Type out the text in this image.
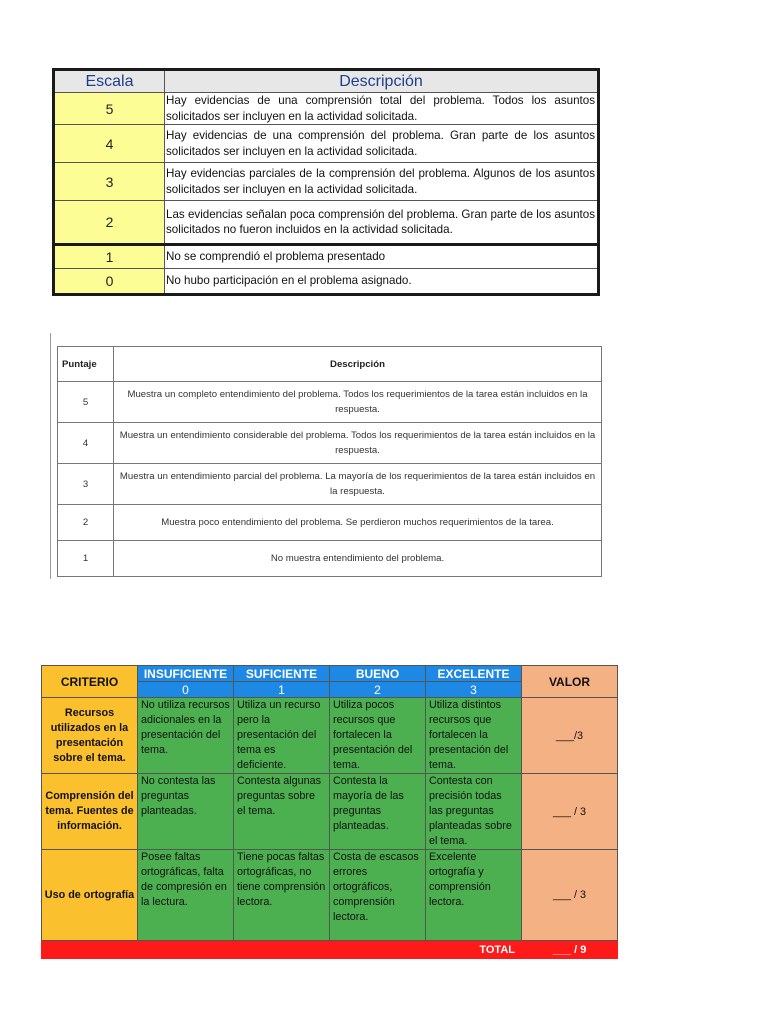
Escala	Descripción
5	Hay evidencias de una comprensión total del problema. Todos los asuntos solicitados ser incluyen en la actividad solicitada.
4	Hay evidencias de una comprensión del problema. Gran parte de los asuntos solicitados ser incluyen en la actividad solicitada.
3	Hay evidencias parciales de la comprensión del problema. Algunos de los asuntos solicitados ser incluyen en la actividad solicitada.
2	Las evidencias señalan poca comprensión del problema. Gran parte de los asuntos solicitados no fueron incluidos en la actividad solicitada.
1	No se comprendió el problema presentado
0	No hubo participación en el problema asignado.
Puntaje	Descripción
5	Muestra un completo entendimiento del problema. Todos los requerimientos de la tarea están incluidos en la respuesta.
4	Muestra un entendimiento considerable del problema. Todos los requerimientos de la tarea están incluidos en la respuesta.
3	Muestra un entendimiento parcial del problema. La mayoría de los requerimientos de la tarea están incluidos en la respuesta.
2	Muestra poco entendimiento del problema. Se perdieron muchos requerimientos de la tarea.
1	No muestra entendimiento del problema.
CRITERIO	INSUFICIENTE	SUFICIENTE	BUENO	EXCELENTE	VALOR
	0	1	2	3	
Recursos utilizados en la presentación sobre el tema.	No utiliza recursos adicionales en la presentación del tema.	Utiliza un recurso pero la presentación del tema es deficiente.	Utiliza pocos recursos que fortalecen la presentación del tema.	Utiliza distintos recursos que fortalecen la presentación del tema.	___/3
Comprensión del tema. Fuentes de información.	No contesta las preguntas planteadas.	Contesta algunas preguntas sobre el tema.	Contesta la mayoría de las preguntas planteadas.	Contesta con precisión todas las preguntas planteadas sobre el tema.	___ / 3
Uso de ortografía	Posee faltas ortográficas, falta de compresión en la lectura.	Tiene pocas faltas ortográficas, no tiene comprensión lectora.	Costa de escasos errores ortográficos, comprensión lectora.	Excelente ortografía y comprensión lectora.	___ / 3
TOTAL					___ / 9
